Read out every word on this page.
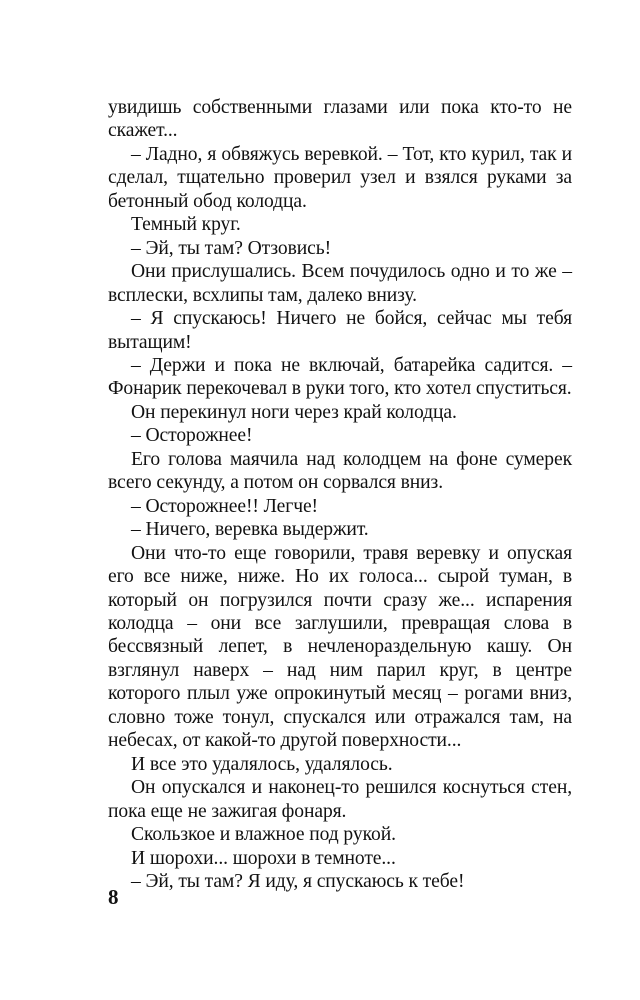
увидишь собственными глазами или пока кто-то не скажет...

– Ладно, я обвяжусь веревкой. – Тот, кто курил, так и сделал, тщательно проверил узел и взялся руками за бетонный обод колодца.

Темный круг.

– Эй, ты там? Отзовись!

Они прислушались. Всем почудилось одно и то же – всплески, всхлипы там, далеко внизу.

– Я спускаюсь! Ничего не бойся, сейчас мы тебя вытащим!

– Держи и пока не включай, батарейка садится. – Фонарик перекочевал в руки того, кто хотел спуститься.

Он перекинул ноги через край колодца.

– Осторожнее!

Его голова маячила над колодцем на фоне сумерек всего секунду, а потом он сорвался вниз.

– Осторожнее!! Легче!

– Ничего, веревка выдержит.

Они что-то еще говорили, травя веревку и опуская его все ниже, ниже. Но их голоса... сырой туман, в который он погрузился почти сразу же... испарения колодца – они все заглушили, превращая слова в бессвязный лепет, в нечленораздельную кашу. Он взглянул наверх – над ним парил круг, в центре которого плыл уже опрокинутый месяц – рогами вниз, словно тоже тонул, спускался или отражался там, на небесах, от какой-то другой поверхности...

И все это удалялось, удалялось.

Он опускался и наконец-то решился коснуться стен, пока еще не зажигая фонаря.

Скользкое и влажное под рукой.

И шорохи... шорохи в темноте...

– Эй, ты там? Я иду, я спускаюсь к тебе!

8
